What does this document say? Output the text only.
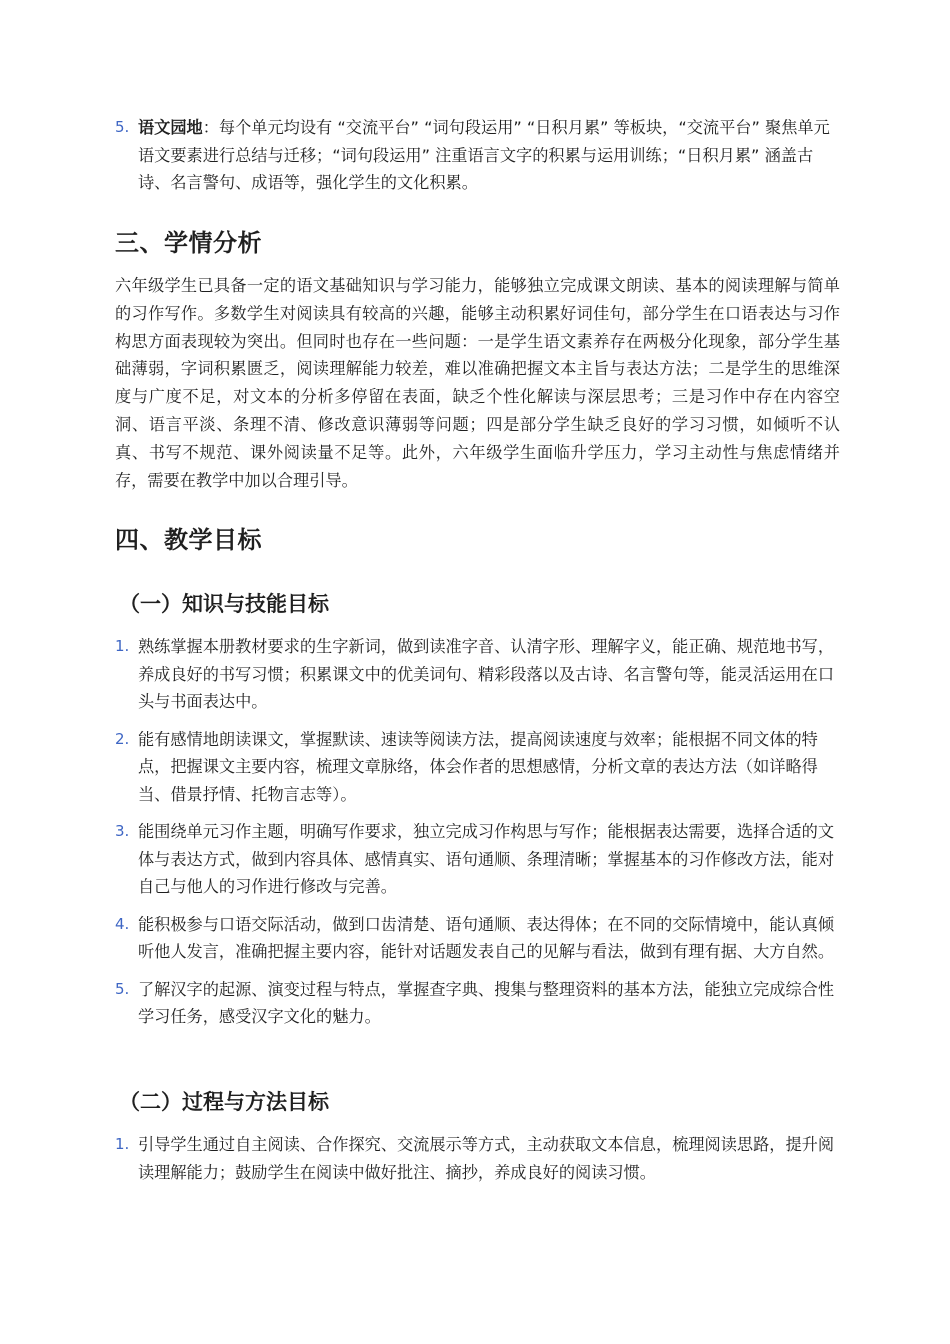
5. 语文园地：每个单元均设有 “交流平台” “词句段运用” “日积月累” 等板块，“交流平台” 聚焦单元语文要素进行总结与迁移；“词句段运用” 注重语言文字的积累与运用训练；“日积月累” 涵盖古诗、名言警句、成语等，强化学生的文化积累。
三、学情分析

六年级学生已具备一定的语文基础知识与学习能力，能够独立完成课文朗读、基本的阅读理解与简单的习作写作。多数学生对阅读具有较高的兴趣，能够主动积累好词佳句，部分学生在口语表达与习作构思方面表现较为突出。但同时也存在一些问题：一是学生语文素养存在两极分化现象，部分学生基础薄弱，字词积累匮乏，阅读理解能力较差，难以准确把握文本主旨与表达方法；二是学生的思维深度与广度不足，对文本的分析多停留在表面，缺乏个性化解读与深层思考；三是习作中存在内容空洞、语言平淡、条理不清、修改意识薄弱等问题；四是部分学生缺乏良好的学习习惯，如倾听不认真、书写不规范、课外阅读量不足等。此外，六年级学生面临升学压力，学习主动性与焦虑情绪并存，需要在教学中加以合理引导。

四、教学目标
（一）知识与技能目标
1. 熟练掌握本册教材要求的生字新词，做到读准字音、认清字形、理解字义，能正确、规范地书写，养成良好的书写习惯；积累课文中的优美词句、精彩段落以及古诗、名言警句等，能灵活运用在口头与书面表达中。
2. 能有感情地朗读课文，掌握默读、速读等阅读方法，提高阅读速度与效率；能根据不同文体的特点，把握课文主要内容，梳理文章脉络，体会作者的思想感情，分析文章的表达方法（如详略得当、借景抒情、托物言志等）。
3. 能围绕单元习作主题，明确写作要求，独立完成习作构思与写作；能根据表达需要，选择合适的文体与表达方式，做到内容具体、感情真实、语句通顺、条理清晰；掌握基本的习作修改方法，能对自己与他人的习作进行修改与完善。
4. 能积极参与口语交际活动，做到口齿清楚、语句通顺、表达得体；在不同的交际情境中，能认真倾听他人发言，准确把握主要内容，能针对话题发表自己的见解与看法，做到有理有据、大方自然。
5. 了解汉字的起源、演变过程与特点，掌握查字典、搜集与整理资料的基本方法，能独立完成综合性学习任务，感受汉字文化的魅力。
（二）过程与方法目标
1. 引导学生通过自主阅读、合作探究、交流展示等方式，主动获取文本信息，梳理阅读思路，提升阅读理解能力；鼓励学生在阅读中做好批注、摘抄，养成良好的阅读习惯。
